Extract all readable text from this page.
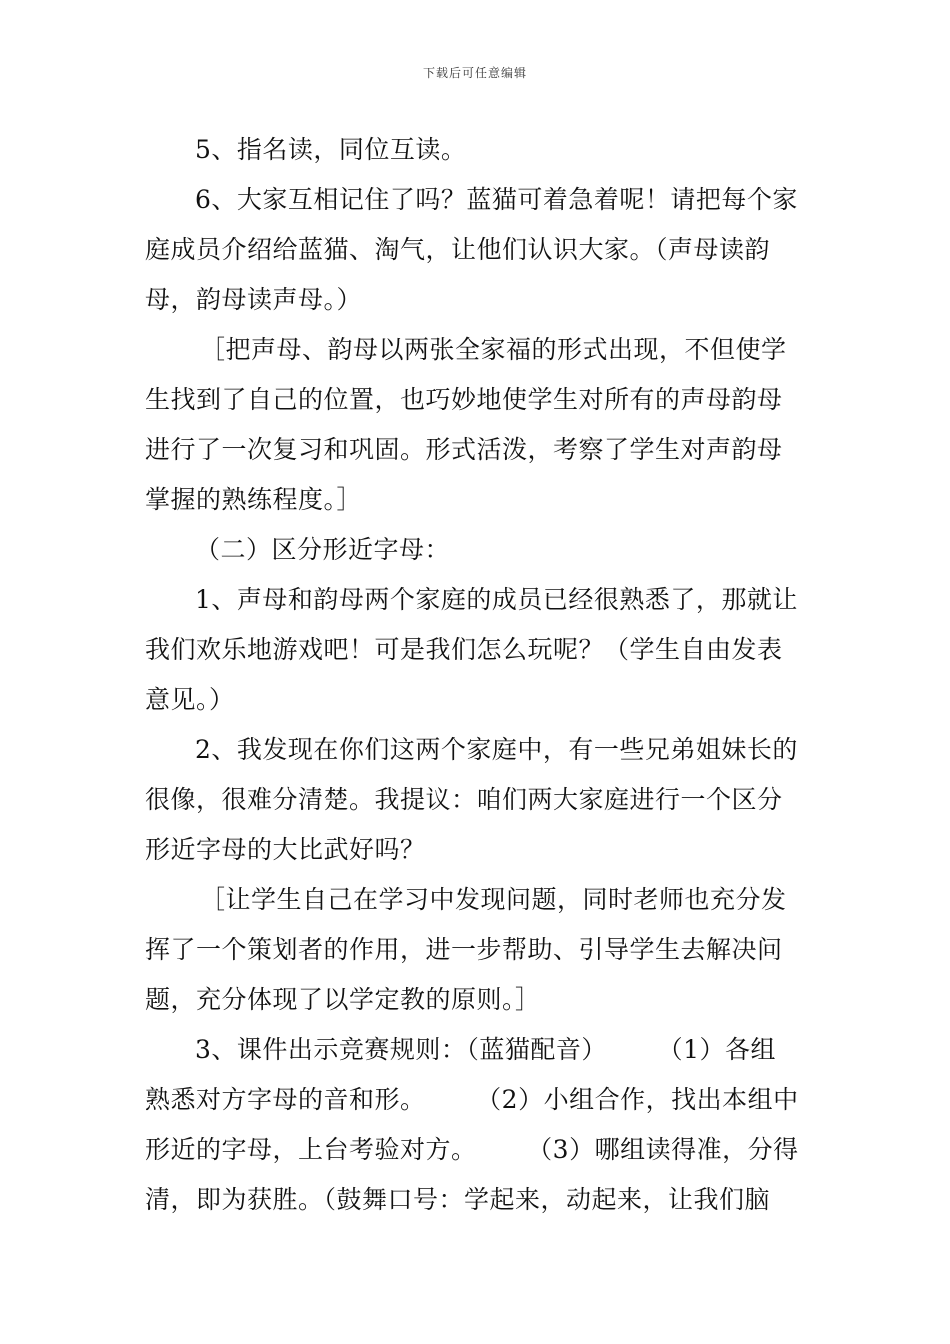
下载后可任意编辑
5、指名读，同位互读。
6、大家互相记住了吗？蓝猫可着急着呢！请把每个家
庭成员介绍给蓝猫、淘气，让他们认识大家。（声母读韵
母，韵母读声母。）
［把声母、韵母以两张全家福的形式出现，不但使学
生找到了自己的位置，也巧妙地使学生对所有的声母韵母
进行了一次复习和巩固。形式活泼，考察了学生对声韵母
掌握的熟练程度。］
（二）区分形近字母：
1、声母和韵母两个家庭的成员已经很熟悉了，那就让
我们欢乐地游戏吧！可是我们怎么玩呢？（学生自由发表
意见。）
2、我发现在你们这两个家庭中，有一些兄弟姐妹长的
很像，很难分清楚。我提议：咱们两大家庭进行一个区分
形近字母的大比武好吗？
［让学生自己在学习中发现问题，同时老师也充分发
挥了一个策划者的作用，进一步帮助、引导学生去解决问
题，充分体现了以学定教的原则。］
3、课件出示竞赛规则：（蓝猫配音）      （1）各组
熟悉对方字母的音和形。      （2）小组合作，找出本组中
形近的字母，上台考验对方。      （3）哪组读得准，分得
清，即为获胜。（鼓舞口号：学起来，动起来，让我们脑
